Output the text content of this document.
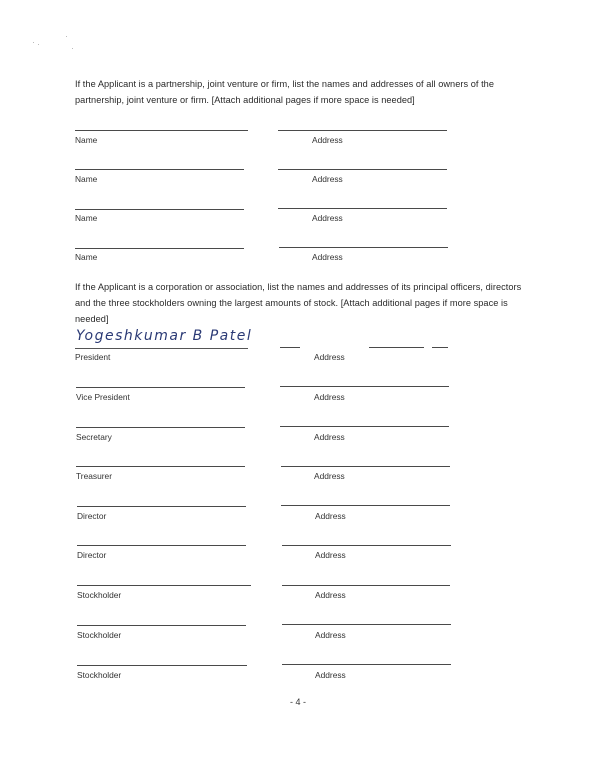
If the Applicant is a partnership, joint venture or firm, list the names and addresses of all owners of the partnership, joint venture or firm. [Attach additional pages if more space is needed]
Name	Address
Name	Address
Name	Address
Name	Address
If the Applicant is a corporation or association, list the names and addresses of its principal officers, directors and the three stockholders owning the largest amounts of stock. [Attach additional pages if more space is needed]
Yogeshkumar B Patel
President	Address
Vice President	Address
Secretary	Address
Treasurer	Address
Director	Address
Director	Address
Stockholder	Address
Stockholder	Address
Stockholder	Address
- 4 -
